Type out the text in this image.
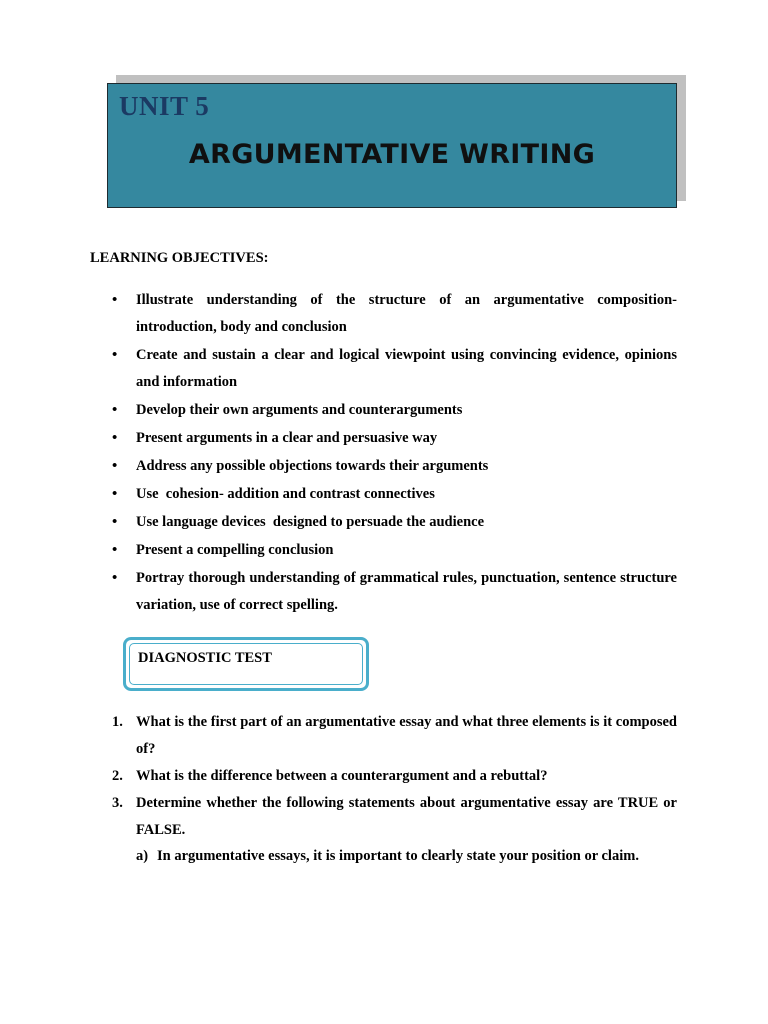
UNIT 5
ARGUMENTATIVE WRITING
LEARNING OBJECTIVES:
• Illustrate understanding of the structure of an argumentative composition- introduction, body and conclusion
• Create and sustain a clear and logical viewpoint using convincing evidence, opinions and information
• Develop their own arguments and counterarguments
• Present arguments in a clear and persuasive way
• Address any possible objections towards their arguments
• Use  cohesion- addition and contrast connectives
• Use language devices  designed to persuade the audience
• Present a compelling conclusion
• Portray thorough understanding of grammatical rules, punctuation, sentence structure variation, use of correct spelling.
DIAGNOSTIC TEST
1. What is the first part of an argumentative essay and what three elements is it composed of?
2. What is the difference between a counterargument and a rebuttal?
3. Determine whether the following statements about argumentative essay are TRUE or FALSE.
a) In argumentative essays, it is important to clearly state your position or claim.
